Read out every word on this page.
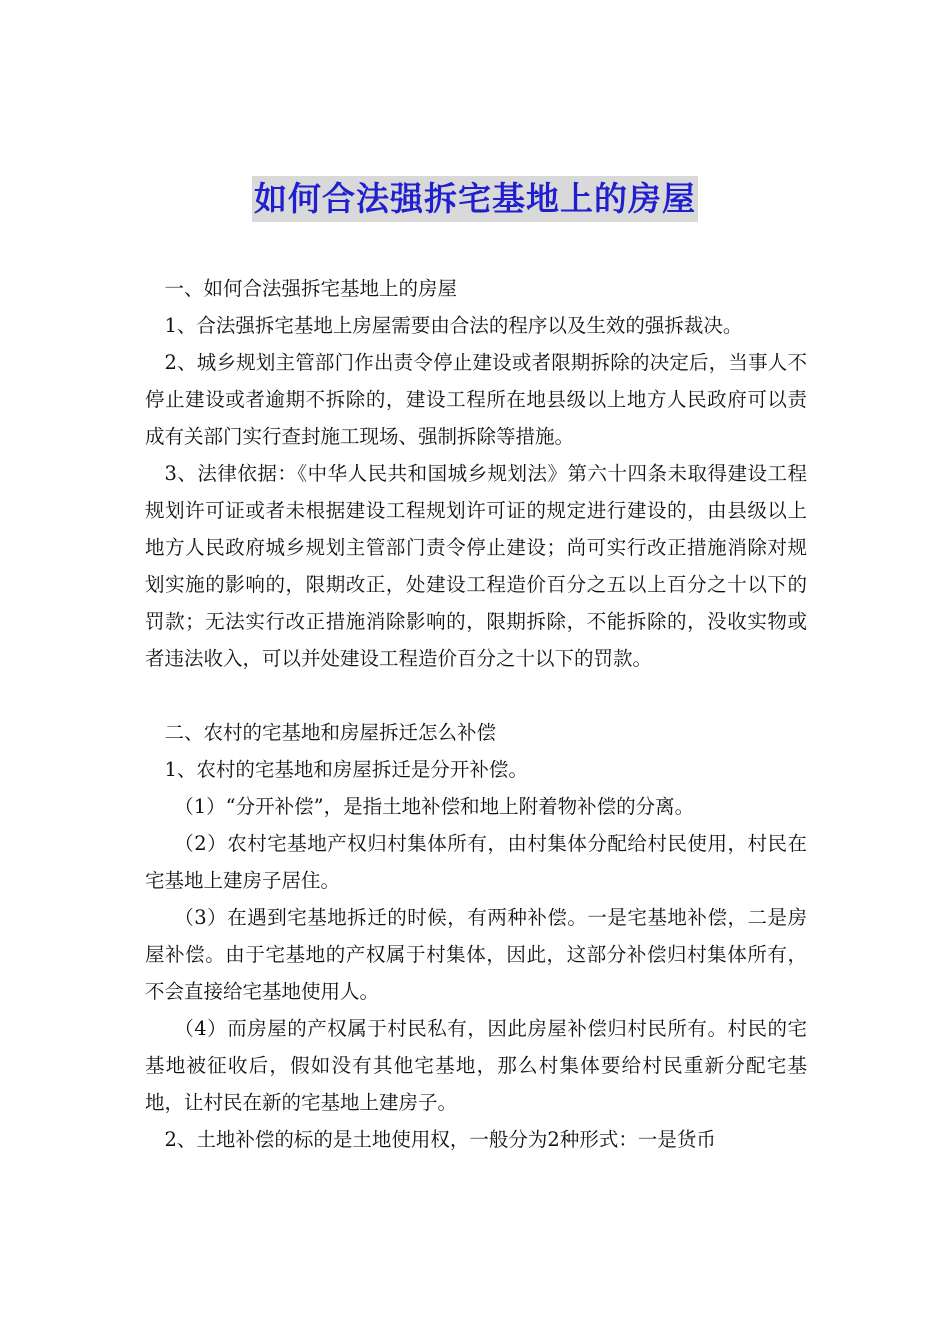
如何合法强拆宅基地上的房屋

一、如何合法强拆宅基地上的房屋

1、合法强拆宅基地上房屋需要由合法的程序以及生效的强拆裁决。

2、城乡规划主管部门作出责令停止建设或者限期拆除的决定后，当事人不停止建设或者逾期不拆除的，建设工程所在地县级以上地方人民政府可以责成有关部门实行查封施工现场、强制拆除等措施。

3、法律依据：《中华人民共和国城乡规划法》第六十四条未取得建设工程规划许可证或者未根据建设工程规划许可证的规定进行建设的，由县级以上地方人民政府城乡规划主管部门责令停止建设；尚可实行改正措施消除对规划实施的影响的，限期改正，处建设工程造价百分之五以上百分之十以下的罚款；无法实行改正措施消除影响的，限期拆除，不能拆除的，没收实物或者违法收入，可以并处建设工程造价百分之十以下的罚款。

二、农村的宅基地和房屋拆迁怎么补偿

1、农村的宅基地和房屋拆迁是分开补偿。

（1）“分开补偿”，是指土地补偿和地上附着物补偿的分离。

（2）农村宅基地产权归村集体所有，由村集体分配给村民使用，村民在宅基地上建房子居住。

（3）在遇到宅基地拆迁的时候，有两种补偿。一是宅基地补偿，二是房屋补偿。由于宅基地的产权属于村集体，因此，这部分补偿归村集体所有，不会直接给宅基地使用人。

（4）而房屋的产权属于村民私有，因此房屋补偿归村民所有。村民的宅基地被征收后，假如没有其他宅基地，那么村集体要给村民重新分配宅基地，让村民在新的宅基地上建房子。

2、土地补偿的标的是土地使用权，一般分为2种形式：一是货币
